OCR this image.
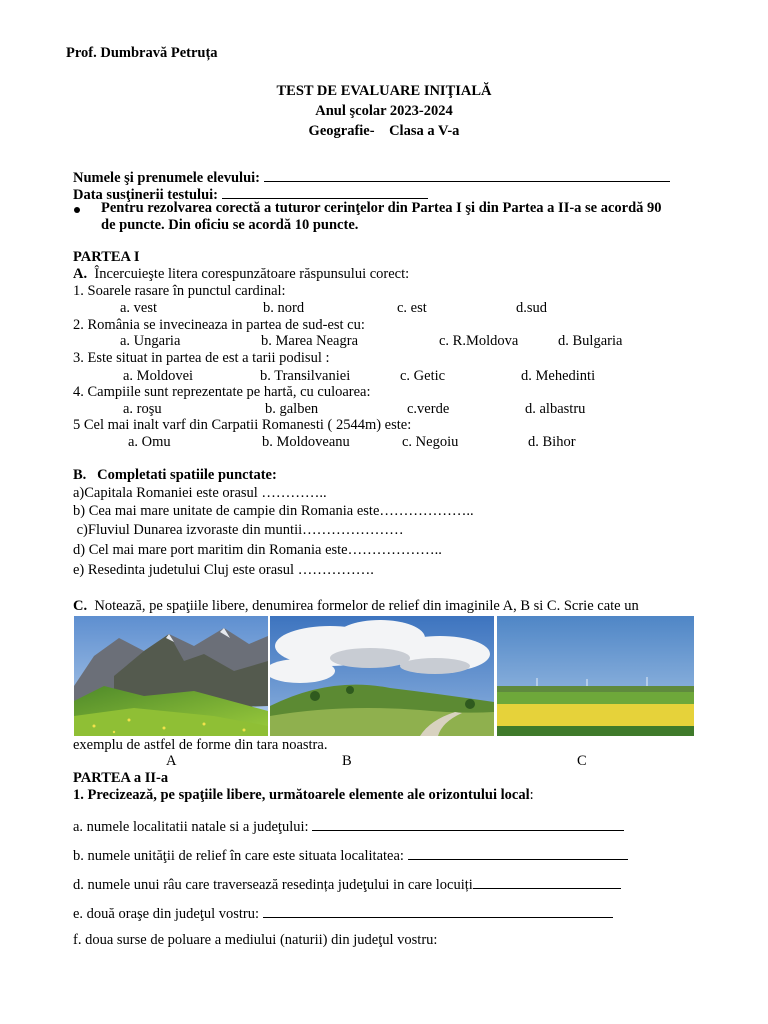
Prof. Dumbravă Petruța
TEST DE EVALUARE INIŢIALĂ
Anul şcolar 2023-2024
Geografie-    Clasa a V-a
Numele şi prenumele elevului:
Data susţinerii testului:
Pentru rezolvarea corectă a tuturor cerinţelor din Partea I şi din Partea a II-a se acordă 90
de puncte. Din oficiu se acordă 10 puncte.
PARTEA I
A. Încercuieşte litera corespunzătoare răspunsului corect:
1. Soarele rasare în punctul cardinal:
a. vest	b. nord	c. est	d.sud
2. România se invecineaza in partea de sud-est cu:
a. Ungaria	b. Marea Neagra	c. R.Moldova	d. Bulgaria
3. Este situat in partea de est a tarii podisul :
a. Moldovei	b. Transilvaniei	c. Getic	d. Mehedinti
4. Campiile sunt reprezentate pe hartă, cu culoarea:
a. roşu	b. galben	c.verde	d. albastru
5 Cel mai inalt varf din Carpatii Romanesti ( 2544m) este:
a. Omu	b. Moldoveanu	c. Negoiu	d. Bihor
B. Completati spatiile punctate:
a)Capitala Romaniei este orasul …………..
b) Cea mai mare unitate de campie din Romania este………………..
c)Fluviul Dunarea izvoraste din muntii…………………
d) Cel mai mare port maritim din Romania este………………..
e) Resedinta judetului Cluj este orasul …………….
C. Notează, pe spaţiile libere, denumirea formelor de relief din imaginile A, B si C. Scrie cate un
exemplu de astfel de forme din tara noastra.
A	B	C
PARTEA a II-a
1. Precizează, pe spaţiile libere, următoarele elemente ale orizontului local:
a. numele localitatii natale si a judeţului:
b. numele unităţii de relief în care este situata localitatea:
d. numele unui râu care traversează resedința judeţului in care locuiți
e. două oraşe din judeţul vostru:
f. doua surse de poluare a mediului (naturii) din judeţul vostru:
